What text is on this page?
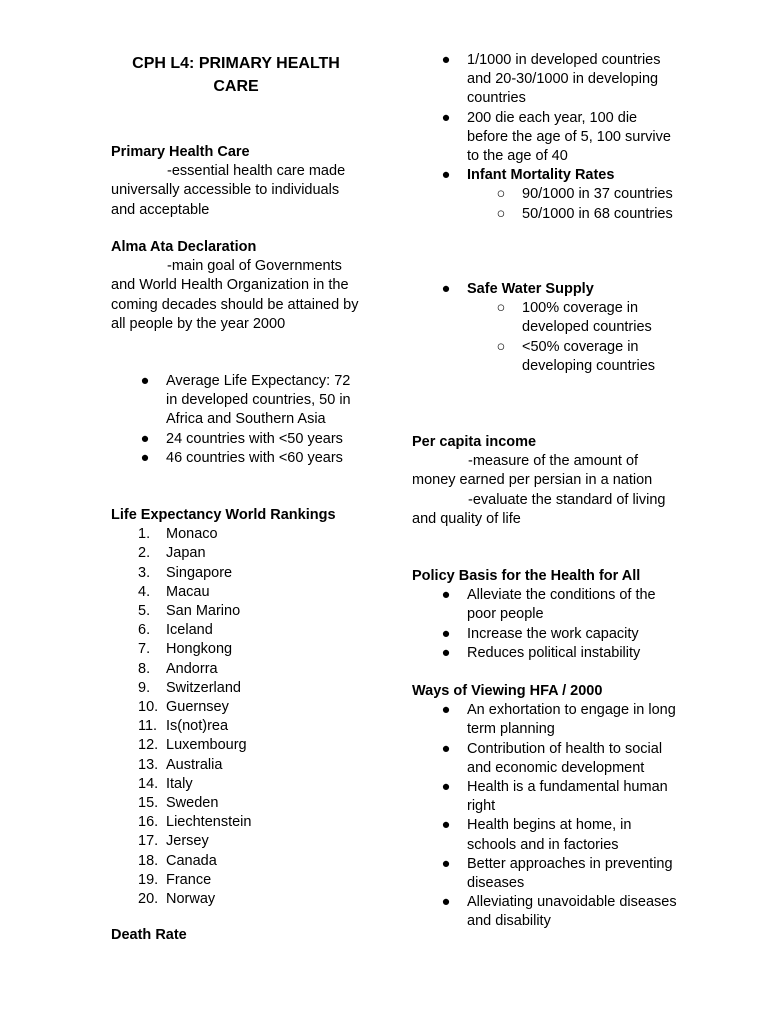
CPH L4: PRIMARY HEALTH CARE

Primary Health Care

-essential health care made universally accessible to individuals and acceptable

Alma Ata Declaration

-main goal of Governments and World Health Organization in the coming decades should be attained by all people by the year 2000

● Average Life Expectancy: 72 in developed countries, 50 in Africa and Southern Asia
● 24 countries with <50 years
● 46 countries with <60 years

Life Expectancy World Rankings

1. Monaco
2. Japan
3. Singapore
4. Macau
5. San Marino
6. Iceland
7. Hongkong
8. Andorra
9. Switzerland
10. Guernsey
11. Is(not)rea
12. Luxembourg
13. Australia
14. Italy
15. Sweden
16. Liechtenstein
17. Jersey
18. Canada
19. France
20. Norway

Death Rate

● 1/1000 in developed countries and 20-30/1000 in developing countries
● 200 die each year, 100 die before the age of 5, 100 survive to the age of 40
● Infant Mortality Rates
○ 90/1000 in 37 countries
○ 50/1000 in 68 countries
● Safe Water Supply
○ 100% coverage in developed countries
○ <50% coverage in developing countries

Per capita income

-measure of the amount of money earned per persian in a nation

-evaluate the standard of living and quality of life

Policy Basis for the Health for All

● Alleviate the conditions of the poor people
● Increase the work capacity
● Reduces political instability

Ways of Viewing HFA / 2000

● An exhortation to engage in long term planning
● Contribution of health to social and economic development
● Health is a fundamental human right
● Health begins at home, in schools and in factories
● Better approaches in preventing diseases
● Alleviating unavoidable diseases and disability
